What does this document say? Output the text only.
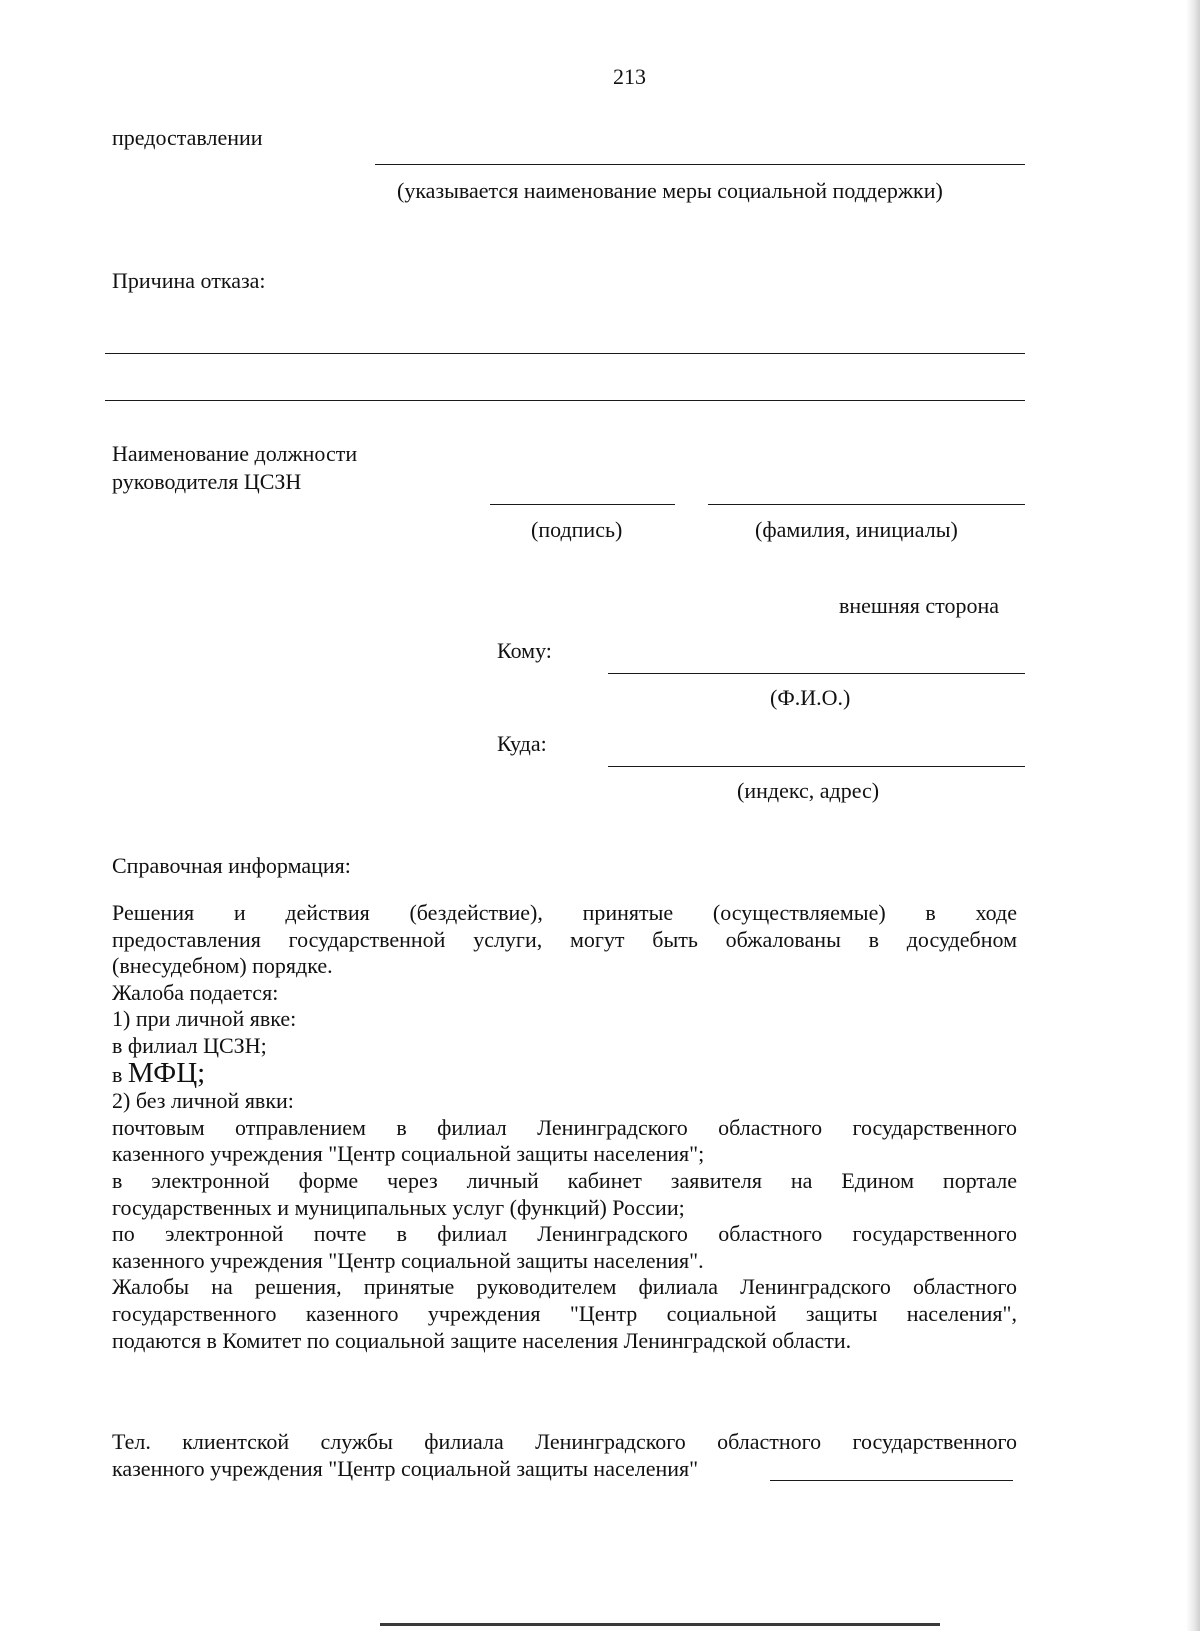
213
предоставлении
(указывается наименование меры социальной поддержки)
Причина отказа:
Наименование должности
руководителя ЦСЗН
(подпись)	(фамилия, инициалы)
внешняя сторона
Кому:
(Ф.И.О.)
Куда:
(индекс, адрес)
Справочная информация:

Решения и действия (бездействие), принятые (осуществляемые) в ходе

предоставления государственной услуги, могут быть обжалованы в досудебном

(внесудебном) порядке.

Жалоба подается:

1) при личной явке:

в филиал ЦСЗН;

в МФЦ;

2) без личной явки:

почтовым отправлением в филиал Ленинградского областного государственного

казенного учреждения "Центр социальной защиты населения";

в электронной форме через личный кабинет заявителя на Едином портале

государственных и муниципальных услуг (функций) России;

по электронной почте в филиал Ленинградского областного государственного

казенного учреждения "Центр социальной защиты населения".

Жалобы на решения, принятые руководителем филиала Ленинградского областного

государственного казенного учреждения "Центр социальной защиты населения",

подаются в Комитет по социальной защите населения Ленинградской области.

Тел. клиентской службы филиала Ленинградского областного государственного

казенного учреждения "Центр социальной защиты населения"
